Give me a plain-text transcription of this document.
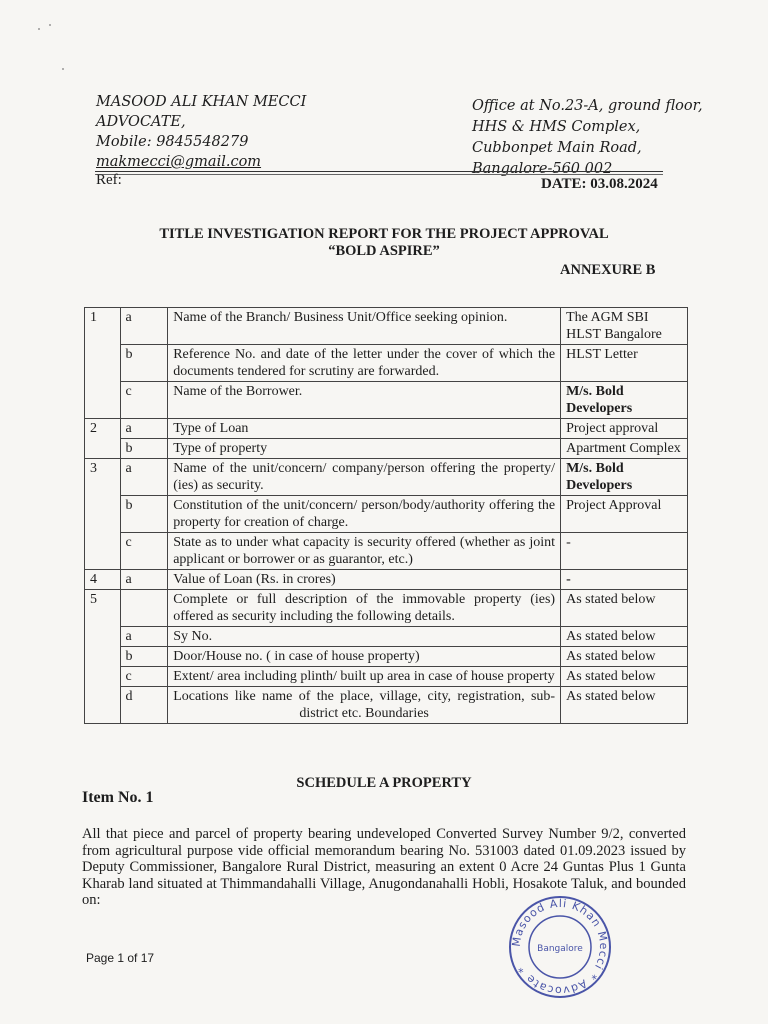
MASOOD ALI KHAN MECCI
ADVOCATE,
Mobile: 9845548279
makmecci@gmail.com
Office at No.23-A, ground floor,
HHS & HMS Complex,
Cubbonpet Main Road,
Bangalore-560 002
Ref:	DATE: 03.08.2024
TITLE INVESTIGATION REPORT FOR THE PROJECT APPROVAL
“BOLD ASPIRE”
ANNEXURE B
1	a	Name of the Branch/ Business Unit/Office seeking opinion.	The AGM SBI HLST Bangalore
	b	Reference No. and date of the letter under the cover of which the documents tendered for scrutiny are forwarded.	HLST Letter
	c	Name of the Borrower.	M/s. Bold Developers
2	a	Type of Loan	Project approval
	b	Type of property	Apartment Complex
3	a	Name of the unit/concern/ company/person offering the property/ (ies) as security.	M/s. Bold Developers
	b	Constitution of the unit/concern/ person/body/authority offering the property for creation of charge.	Project Approval
	c	State as to under what capacity is security offered (whether as joint applicant or borrower or as guarantor, etc.)	-
4	a	Value of Loan (Rs. in crores)	-
5		Complete or full description of the immovable property (ies) offered as security including the following details.	As stated below
	a	Sy No.	As stated below
	b	Door/House no. ( in case of house property)	As stated below
	c	Extent/ area including plinth/ built up area in case of house property	As stated below
	d	Locations like name of the place, village, city, registration, sub-district etc. Boundaries	As stated below
SCHEDULE A PROPERTY
Item No. 1
All that piece and parcel of property bearing undeveloped Converted Survey Number 9/2, converted from agricultural purpose vide official memorandum bearing No. 531003 dated 01.09.2023 issued by Deputy Commissioner, Bangalore Rural District, measuring an extent 0 Acre 24 Guntas Plus 1 Gunta Kharab land situated at Thimmandahalli Village, Anugondanahalli Hobli, Hosakote Taluk, and bounded on:
Page 1 of 17
Masood Ali Khan Mecci * Advocate *
Bangalore
